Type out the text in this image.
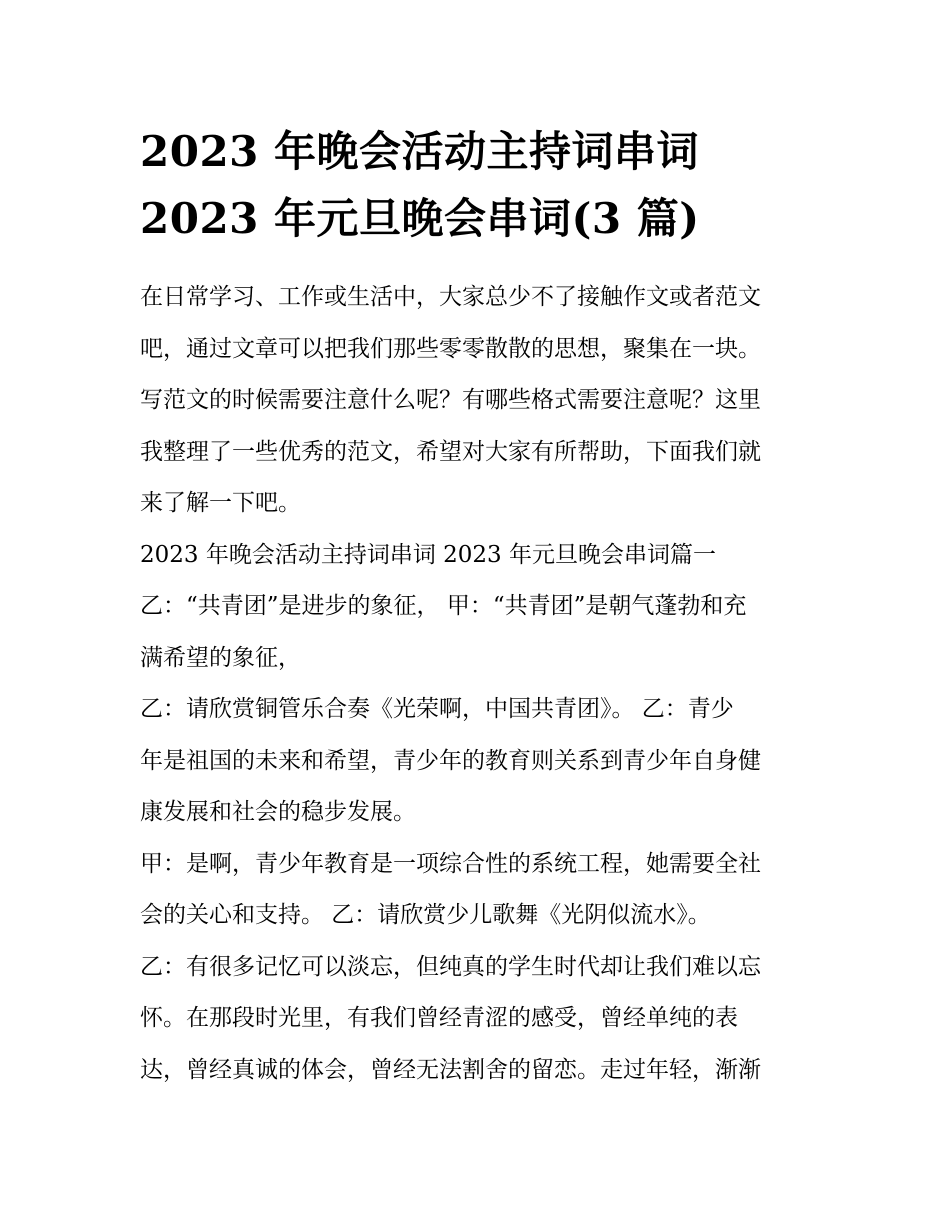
2023 年晚会活动主持词串词
2023 年元旦晚会串词(3 篇)

在日常学习、工作或生活中，大家总少不了接触作文或者范文

吧，通过文章可以把我们那些零零散散的思想，聚集在一块。

写范文的时候需要注意什么呢？有哪些格式需要注意呢？这里

我整理了一些优秀的范文，希望对大家有所帮助，下面我们就

来了解一下吧。

2023 年晚会活动主持词串词 2023 年元旦晚会串词篇一

乙：“共青团”是进步的象征， 甲：“共青团”是朝气蓬勃和充

满希望的象征，

乙：请欣赏铜管乐合奏《光荣啊，中国共青团》。 乙：青少

年是祖国的未来和希望，青少年的教育则关系到青少年自身健

康发展和社会的稳步发展。

甲：是啊，青少年教育是一项综合性的系统工程，她需要全社

会的关心和支持。 乙：请欣赏少儿歌舞《光阴似流水》。

乙：有很多记忆可以淡忘，但纯真的学生时代却让我们难以忘

怀。在那段时光里，有我们曾经青涩的感受，曾经单纯的表

达，曾经真诚的体会，曾经无法割舍的留恋。走过年轻，渐渐
